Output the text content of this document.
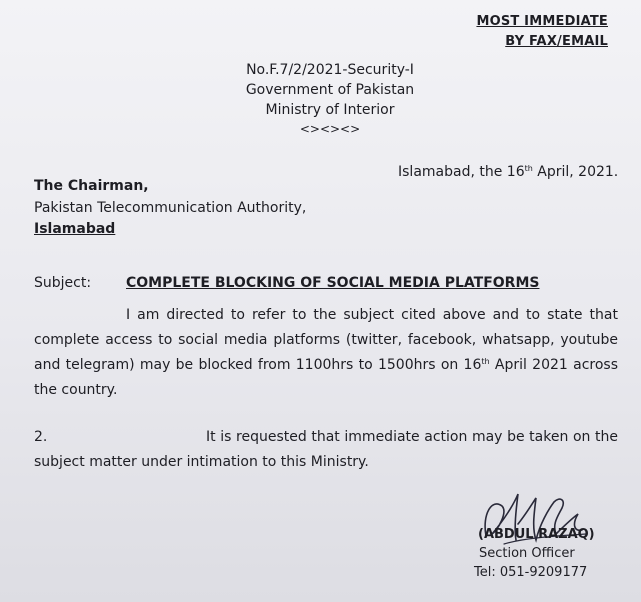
MOST IMMEDIATE
BY FAX/EMAIL
No.F.7/2/2021-Security-I
Government of Pakistan
Ministry of Interior
<><><>
Islamabad, the 16th April, 2021.
The Chairman,
Pakistan Telecommunication Authority,
Islamabad
Subject: COMPLETE BLOCKING OF SOCIAL MEDIA PLATFORMS
I am directed to refer to the subject cited above and to state that complete access to social media platforms (twitter, facebook, whatsapp, youtube and telegram) may be blocked from 1100hrs to 1500hrs on 16th April 2021 across the country.
2.	It is requested that immediate action may be taken on the subject matter under intimation to this Ministry.
(ABDUL RAZAQ)
Section Officer
Tel: 051-9209177
